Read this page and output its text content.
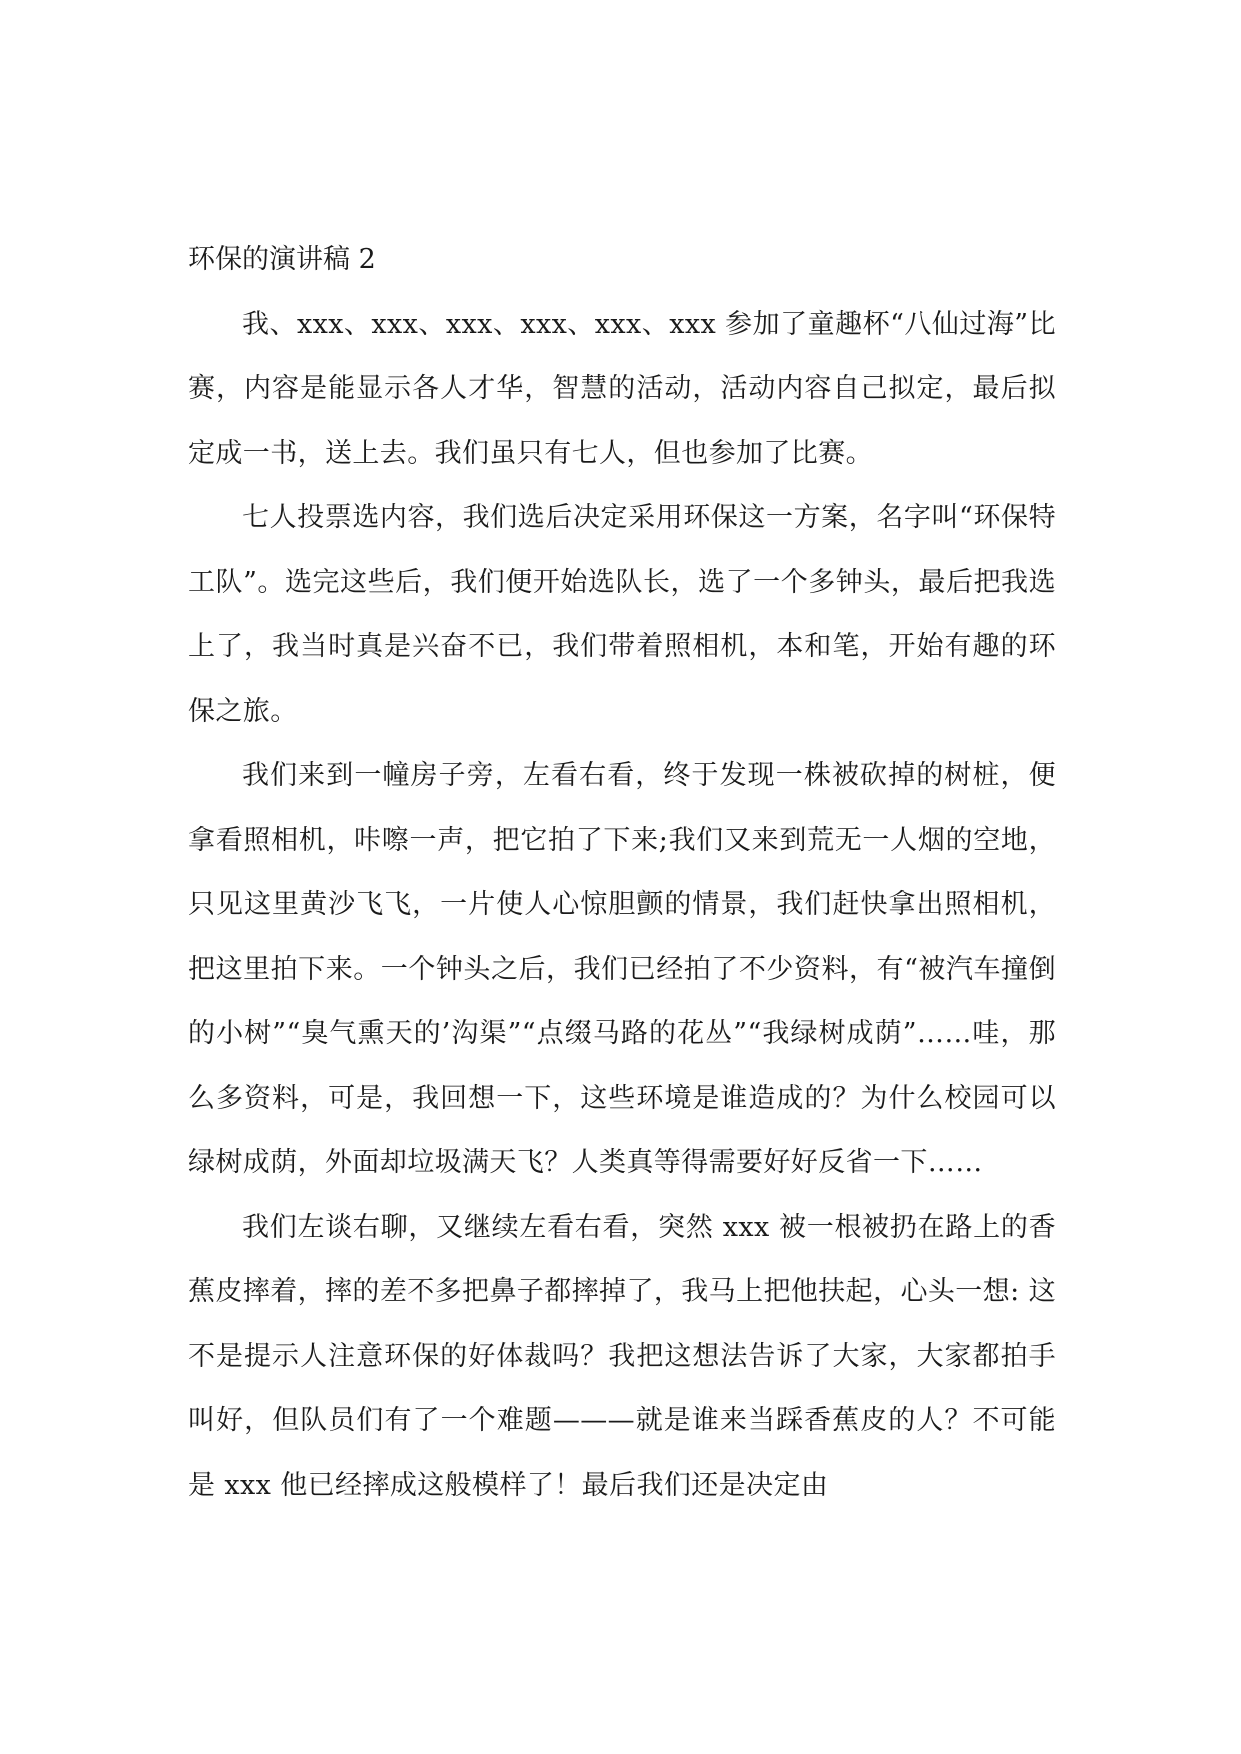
环保的演讲稿 2

我、xxx、xxx、xxx、xxx、xxx、xxx 参加了童趣杯“八仙过海”比赛，内容是能显示各人才华，智慧的活动，活动内容自己拟定，最后拟定成一书，送上去。我们虽只有七人，但也参加了比赛。

七人投票选内容，我们选后决定采用环保这一方案，名字叫“环保特工队”。选完这些后，我们便开始选队长，选了一个多钟头，最后把我选上了，我当时真是兴奋不已，我们带着照相机，本和笔，开始有趣的环保之旅。

我们来到一幢房子旁，左看右看，终于发现一株被砍掉的树桩，便拿看照相机，咔嚓一声，把它拍了下来;我们又来到荒无一人烟的空地，只见这里黄沙飞飞，一片使人心惊胆颤的情景，我们赶快拿出照相机，把这里拍下来。一个钟头之后，我们已经拍了不少资料，有“被汽车撞倒的小树”“臭气熏天的’沟渠”“点缀马路的花丛”“我绿树成荫”……哇，那么多资料，可是，我回想一下，这些环境是谁造成的？为什么校园可以绿树成荫，外面却垃圾满天飞？人类真等得需要好好反省一下……

我们左谈右聊，又继续左看右看，突然 xxx 被一根被扔在路上的香蕉皮摔着，摔的差不多把鼻子都摔掉了，我马上把他扶起，心头一想: 这不是提示人注意环保的好体裁吗？我把这想法告诉了大家，大家都拍手叫好，但队员们有了一个难题———就是谁来当踩香蕉皮的人？不可能是 xxx 他已经摔成这般模样了！最后我们还是决定由
